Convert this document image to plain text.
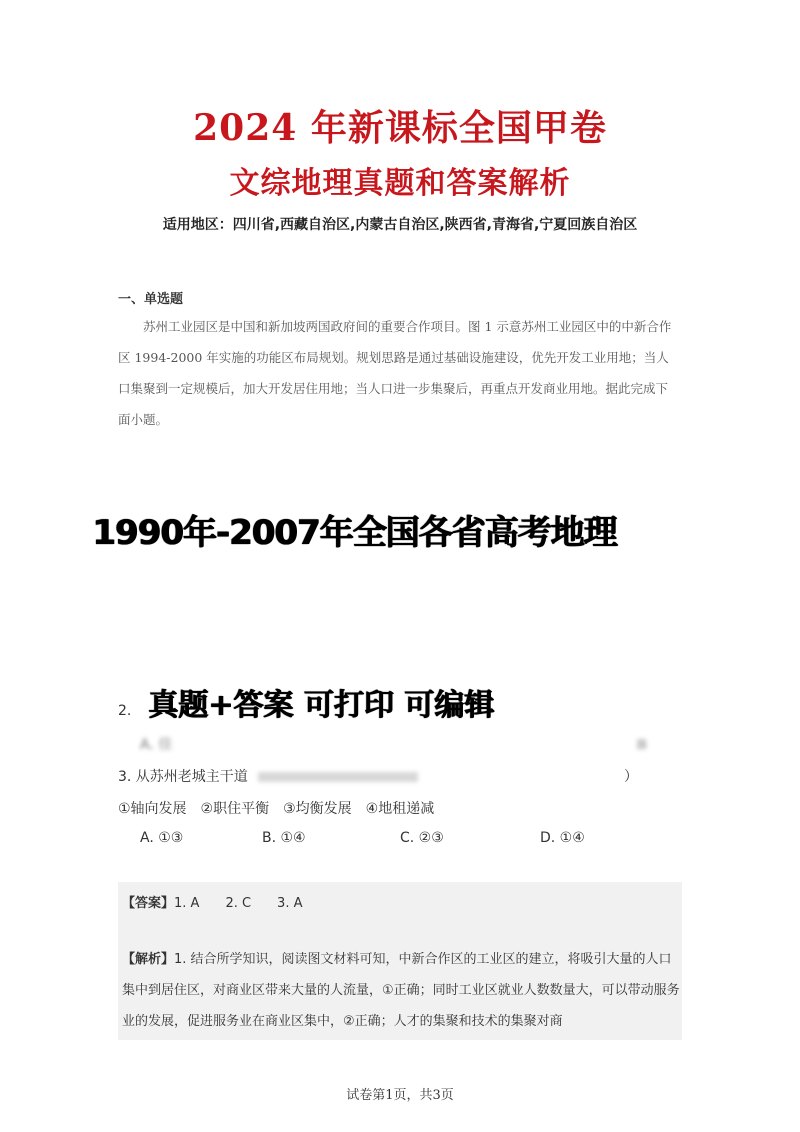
2024 年新课标全国甲卷
文综地理真题和答案解析
适用地区：四川省,西藏自治区,内蒙古自治区,陕西省,青海省,宁夏回族自治区
一、单选题
苏州工业园区是中国和新加坡两国政府间的重要合作项目。图 1 示意苏州工业园区中的中新合作区 1994-2000 年实施的功能区布局规划。规划思路是通过基础设施建设，优先开发工业用地；当人口集聚到一定规模后，加大开发居住用地；当人口进一步集聚后，再重点开发商业用地。据此完成下面小题。
1990年-2007年全国各省高考地理
2. 真题+答案 可打印 可编辑
A. 佳	器
3. 从苏州老城主干道	）
①轴向发展　②职住平衡　③均衡发展　④地租递减
A. ①③	B. ①④	C. ②③	D. ①④
【答案】1. A　　2. C　　3. A
【解析】1. 结合所学知识，阅读图文材料可知，中新合作区的工业区的建立，将吸引大量的人口集中到居住区，对商业区带来大量的人流量，①正确；同时工业区就业人数数量大，可以带动服务业的发展，促进服务业在商业区集中，②正确；人才的集聚和技术的集聚对商
试卷第1页，共3页
